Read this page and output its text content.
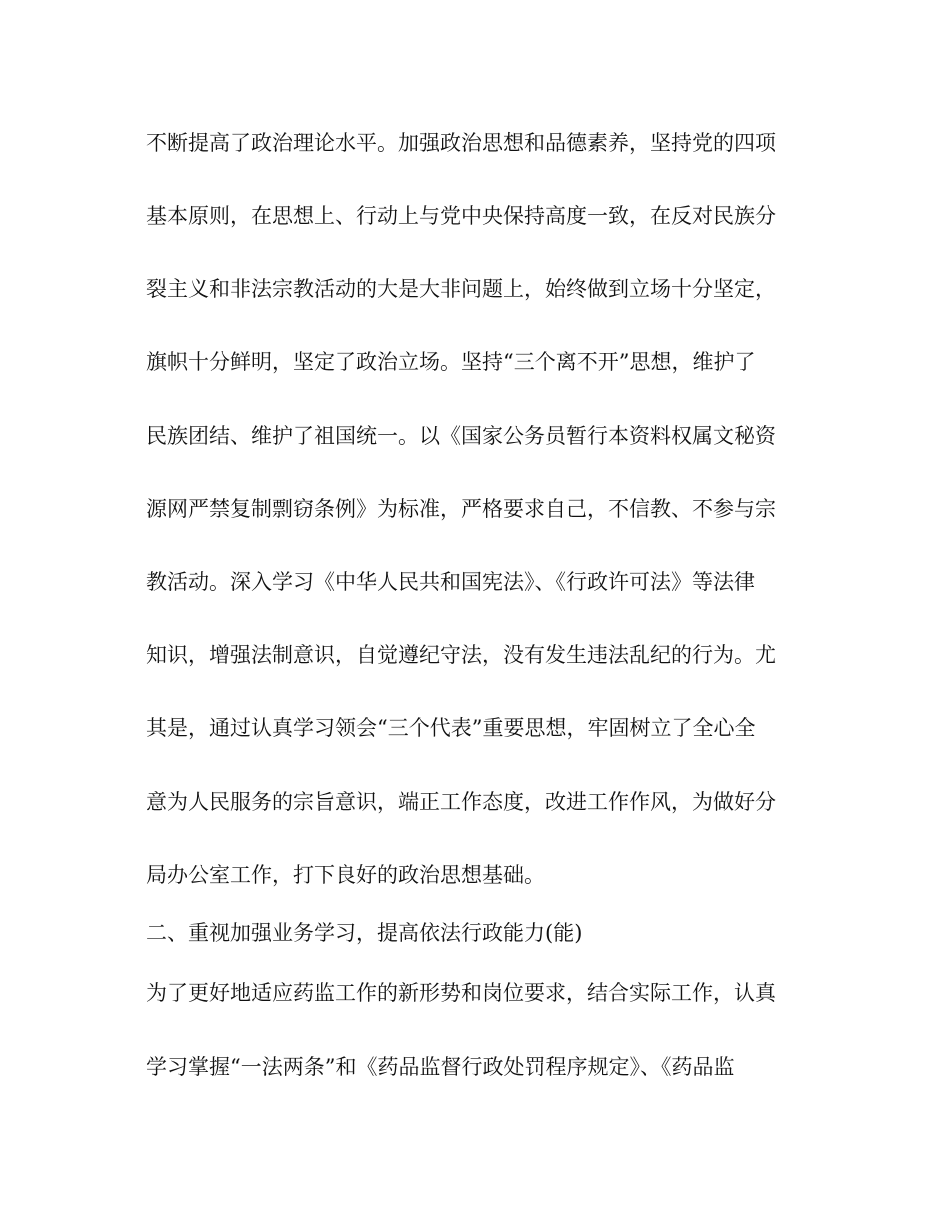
不断提高了政治理论水平。加强政治思想和品德素养，坚持党的四项
基本原则，在思想上、行动上与党中央保持高度一致，在反对民族分
裂主义和非法宗教活动的大是大非问题上，始终做到立场十分坚定，
旗帜十分鲜明，坚定了政治立场。坚持“三个离不开”思想，维护了
民族团结、维护了祖国统一。以《国家公务员暂行本资料权属文秘资
源网严禁复制剽窃条例》为标准，严格要求自己，不信教、不参与宗
教活动。深入学习《中华人民共和国宪法》、《行政许可法》等法律
知识，增强法制意识，自觉遵纪守法，没有发生违法乱纪的行为。尤
其是，通过认真学习领会“三个代表”重要思想，牢固树立了全心全
意为人民服务的宗旨意识，端正工作态度，改进工作作风，为做好分
局办公室工作，打下良好的政治思想基础。
二、重视加强业务学习，提高依法行政能力(能)
为了更好地适应药监工作的新形势和岗位要求，结合实际工作，认真
学习掌握“一法两条”和《药品监督行政处罚程序规定》、《药品监
